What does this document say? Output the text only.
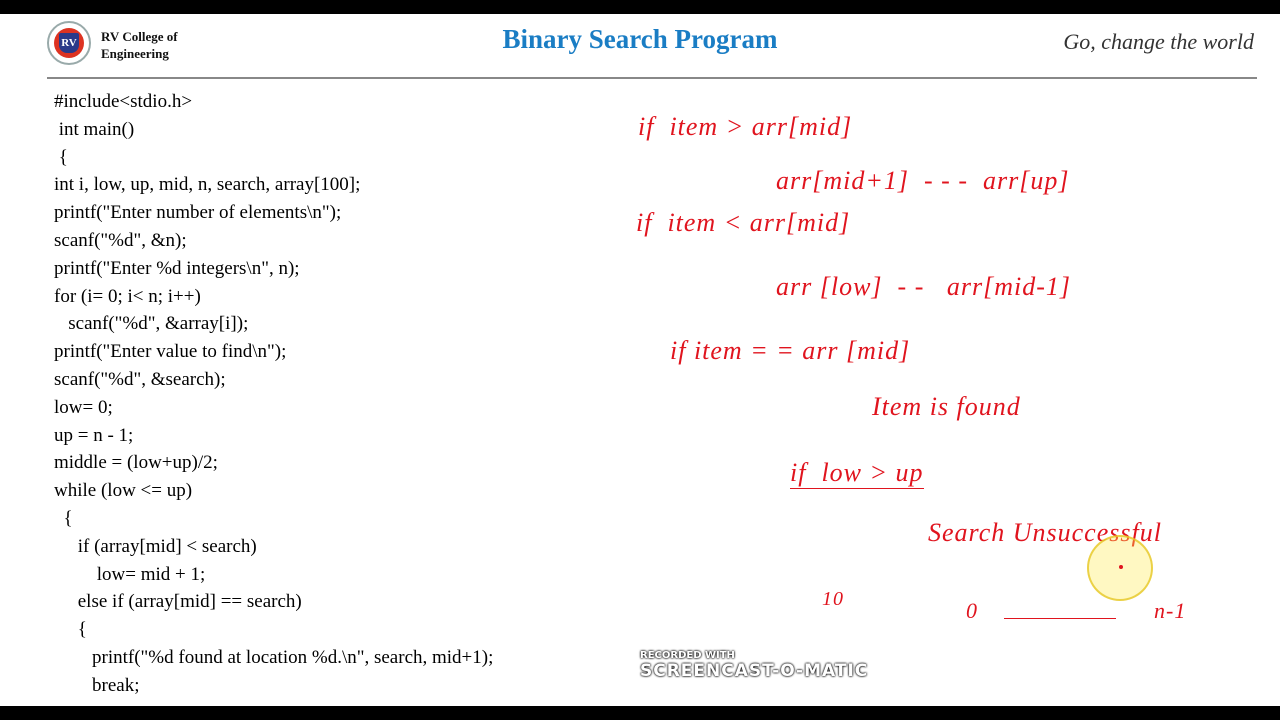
RV RV College of
Engineering	Binary Search Program	Go, change the world
#include<stdio.h>
int main()
{
int i, low, up, mid, n, search, array[100];
printf("Enter number of elements\n");
scanf("%d", &n);
printf("Enter %d integers\n", n);
for (i= 0; i< n; i++)
scanf("%d", &array[i]);
printf("Enter value to find\n");
scanf("%d", &search);
low= 0;
up = n - 1;
middle = (low+up)/2;
while (low <= up)
{
if (array[mid] < search)
low= mid + 1;
else if (array[mid] == search)
{
printf("%d found at location %d.\n", search, mid+1);
break;
if  item > arr[mid]
arr[mid+1]  - - -  arr[up]
if  item < arr[mid]
arr [low]  - -   arr[mid-1]
if item = = arr [mid]
Item is found
if  low > up
Search Unsuccessful
10	0	n-1
RECORDED WITH
SCREENCAST-O-MATIC
